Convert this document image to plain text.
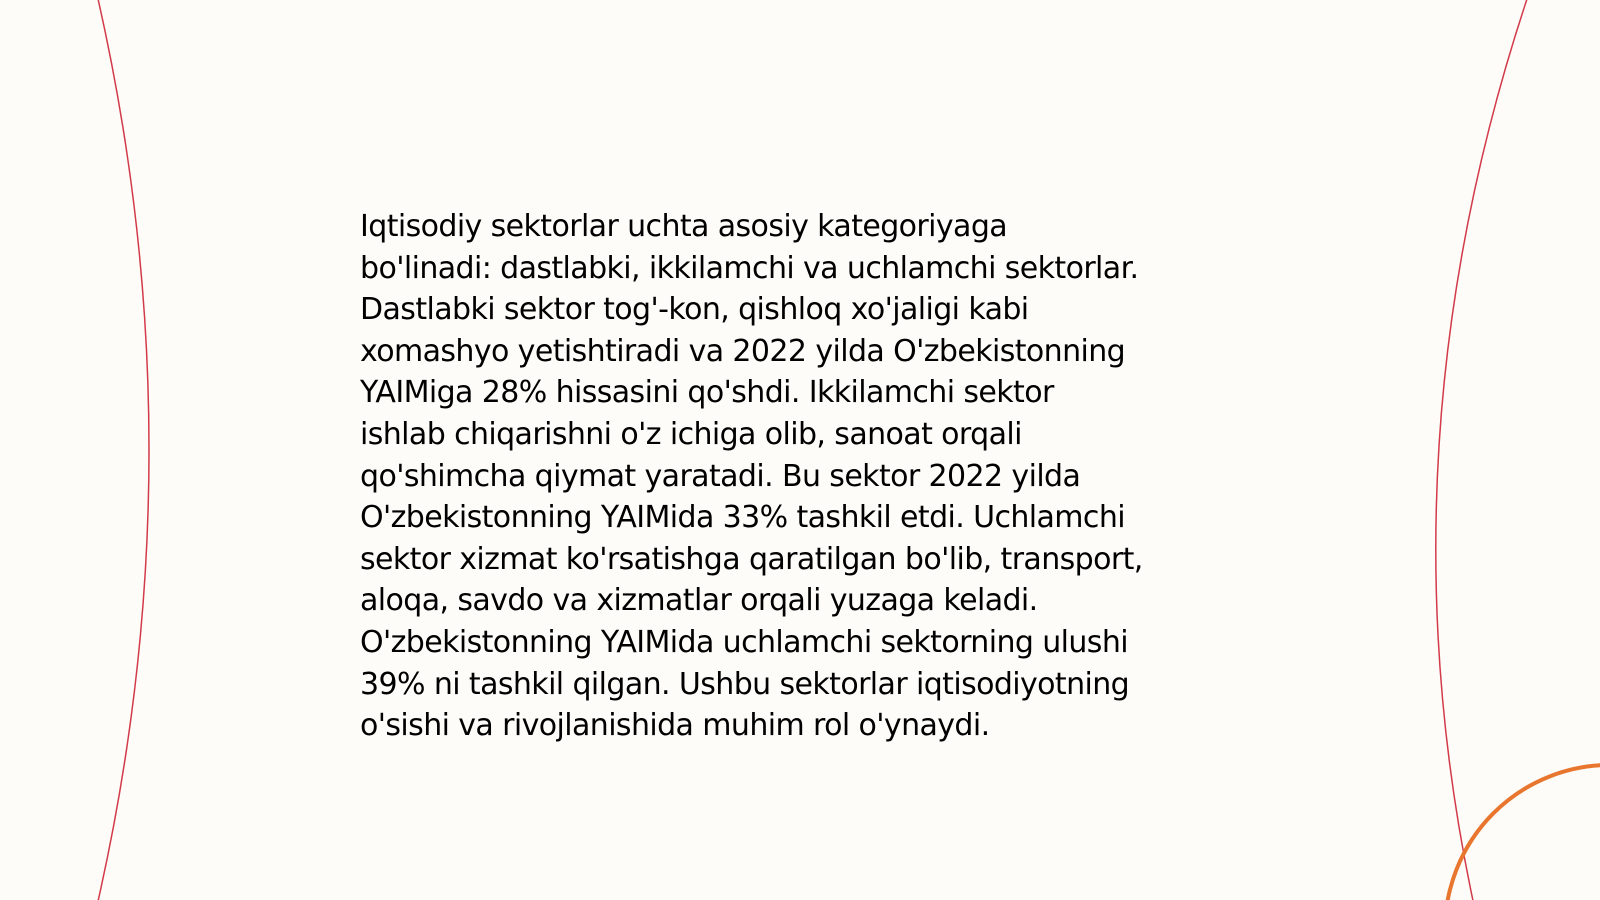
Iqtisodiy sektorlar uchta asosiy kategoriyaga
bo'linadi: dastlabki, ikkilamchi va uchlamchi sektorlar.
Dastlabki sektor tog'-kon, qishloq xo'jaligi kabi
xomashyo yetishtiradi va 2022 yilda O'zbekistonning
YAIMiga 28% hissasini qo'shdi. Ikkilamchi sektor
ishlab chiqarishni o'z ichiga olib, sanoat orqali
qo'shimcha qiymat yaratadi. Bu sektor 2022 yilda
O'zbekistonning YAIMida 33% tashkil etdi. Uchlamchi
sektor xizmat ko'rsatishga qaratilgan bo'lib, transport,
aloqa, savdo va xizmatlar orqali yuzaga keladi.
O'zbekistonning YAIMida uchlamchi sektorning ulushi
39% ni tashkil qilgan. Ushbu sektorlar iqtisodiyotning
o'sishi va rivojlanishida muhim rol o'ynaydi.
